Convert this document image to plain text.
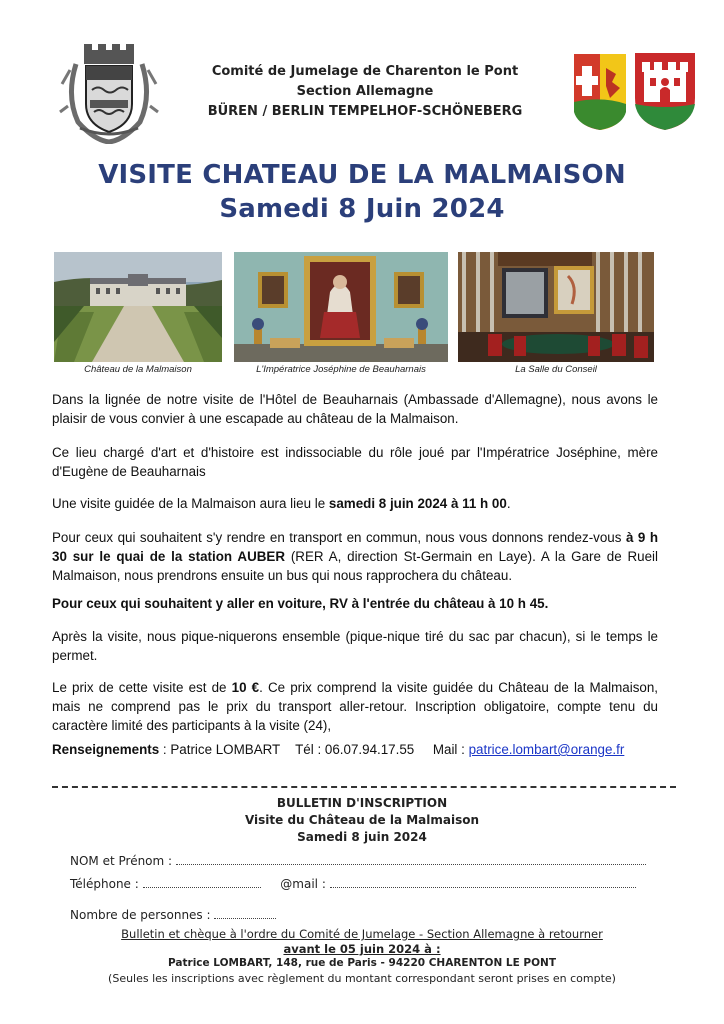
Comité de Jumelage de Charenton le Pont
Section Allemagne
BÜREN / BERLIN TEMPELHOF-SCHÖNEBERG
VISITE CHATEAU DE LA MALMAISON
Samedi 8 Juin 2024
Château de la Malmaison	L'Impératrice Joséphine de Beauharnais	La Salle du Conseil
Dans la lignée de notre visite de l'Hôtel de Beauharnais (Ambassade d'Allemagne), nous avons le plaisir de vous convier à une escapade au château de la Malmaison.
Ce lieu chargé d'art et d'histoire est indissociable du rôle joué par l'Impératrice Joséphine, mère d'Eugène de Beauharnais
Une visite guidée de la Malmaison aura lieu le samedi 8 juin 2024 à 11 h 00.
Pour ceux qui souhaitent s'y rendre en transport en commun, nous vous donnons rendez-vous à 9 h 30 sur le quai de la station AUBER (RER A, direction St-Germain en Laye). A la Gare de Rueil Malmaison, nous prendrons ensuite un bus qui nous rapprochera du château.
Pour ceux qui souhaitent y aller en voiture, RV à l'entrée du château à 10 h 45.
Après la visite, nous pique-niquerons ensemble (pique-nique tiré du sac par chacun), si le temps le permet.
Le prix de cette visite est de 10 €. Ce prix comprend la visite guidée du Château de la Malmaison, mais ne comprend pas le prix du transport aller-retour. Inscription obligatoire, compte tenu du caractère limité des participants à la visite (24),
Renseignements : Patrice LOMBART Tél : 06.07.94.17.55 Mail : patrice.lombart@orange.fr
BULLETIN D'INSCRIPTION
Visite du Château de la Malmaison
Samedi 8 juin 2024
NOM et Prénom :
Téléphone :	@mail :
Nombre de personnes :
Bulletin et chèque à l'ordre du Comité de Jumelage - Section Allemagne à retourner
avant le 05 juin 2024 à :
Patrice LOMBART, 148, rue de Paris - 94220 CHARENTON LE PONT
(Seules les inscriptions avec règlement du montant correspondant seront prises en compte)
